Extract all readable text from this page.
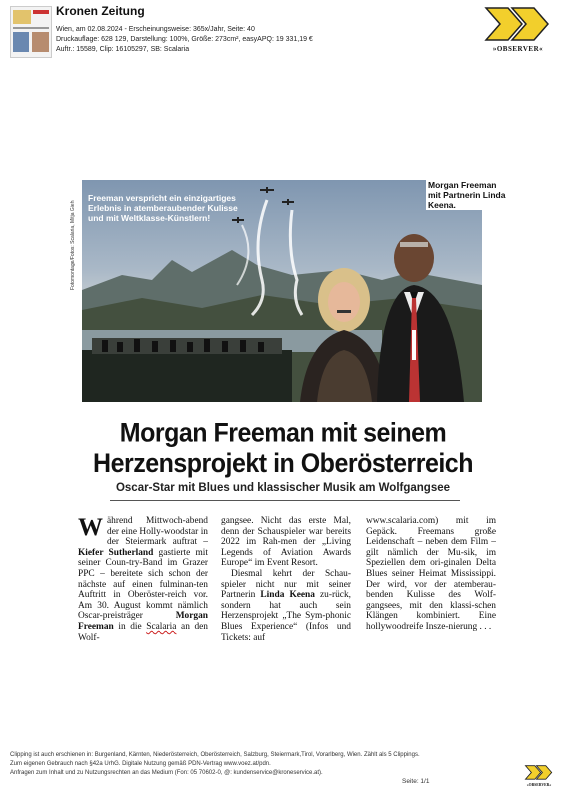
Kronen Zeitung
Wien, am 02.08.2024 - Erscheinungsweise: 365x/Jahr, Seite: 40
Druckauflage: 628 129, Darstellung: 100%, Größe: 273cm², easyAPQ: 19 331,19 €
Auftr.: 15589, Clip: 16105297, SB: Scalaria	»OBSERVER«
Fotomontage/Fotos: Scalaria, Mitja Gieh
Freeman verspricht ein einzigartiges Erlebnis in atemberaubender Kulisse und mit Weltklasse-Künstlern!
Morgan Freeman mit Partnerin Linda Keena.
Morgan Freeman mit seinem
Herzensprojekt in Oberösterreich
Oscar-Star mit Blues und klassischer Musik am Wolfgangsee
Während Mittwoch-abend der eine Holly-woodstar in der Steiermark auftrat – Kiefer Sutherland gastierte mit seiner Coun-try-Band im Grazer PPC – bereitete sich schon der nächste auf einen fulminan-ten Auftritt in Oberöster-reich vor. Am 30. August kommt nämlich Oscar-preisträger Morgan Freeman in die Scalaria an den Wolf-
gangsee. Nicht das erste Mal, denn der Schauspieler war bereits 2022 im Rah-men der „Living Legends of Aviation Awards Europe“ im Event Resort.
Diesmal kehrt der Schau-spieler nicht nur mit seiner Partnerin Linda Keena zu-rück, sondern hat auch sein Herzensprojekt „The Sym-phonic Blues Experience“ (Infos und Tickets: auf
www.scalaria.com) mit im Gepäck. Freemans große Leidenschaft – neben dem Film – gilt nämlich der Mu-sik, im Speziellen dem ori-ginalen Delta Blues seiner Heimat Mississippi. Der wird, vor der atemberau-benden Kulisse des Wolf-gangsees, mit den klassi-schen Klängen kombiniert. Eine hollywoodreife Insze-nierung . . .
Clipping ist auch erschienen in: Burgenland, Kärnten, Niederösterreich, Oberösterreich, Salzburg, Steiermark,Tirol, Vorarlberg, Wien. Zählt als 5 Clippings.
Zum eigenen Gebrauch nach §42a UrhG. Digitale Nutzung gemäß PDN-Vertrag www.voez.at/pdn.
Anfragen zum Inhalt und zu Nutzungsrechten an das Medium (Fon: 05 70602-0, @: kundenservice@kroneservice.at).
Seite: 1/1	»OBSERVER«
